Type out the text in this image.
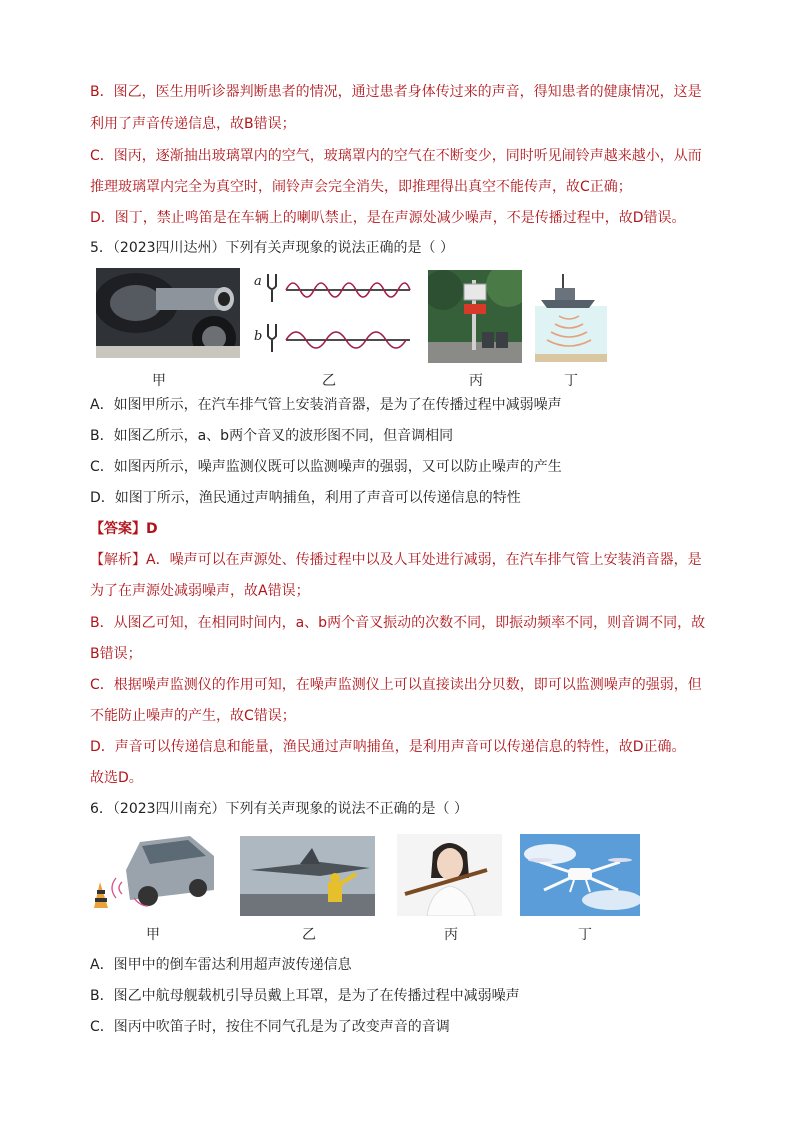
B．图乙，医生用听诊器判断患者的情况，通过患者身体传过来的声音，得知患者的健康情况，这是
利用了声音传递信息，故B错误；
C．图丙，逐渐抽出玻璃罩内的空气，玻璃罩内的空气在不断变少，同时听见闹铃声越来越小，从而
推理玻璃罩内完全为真空时，闹铃声会完全消失，即推理得出真空不能传声，故C正确；
D．图丁，禁止鸣笛是在车辆上的喇叭禁止，是在声源处减少噪声，不是传播过程中，故D错误。
5．（2023四川达州）下列有关声现象的说法正确的是（ ）
a
b
甲	乙	丙	丁
A．如图甲所示，在汽车排气管上安装消音器，是为了在传播过程中减弱噪声
B．如图乙所示，a、b两个音叉的波形图不同，但音调相同
C．如图丙所示，噪声监测仪既可以监测噪声的强弱，又可以防止噪声的产生
D．如图丁所示，渔民通过声呐捕鱼，利用了声音可以传递信息的特性
【答案】D
【解析】A．噪声可以在声源处、传播过程中以及人耳处进行减弱，在汽车排气管上安装消音器，是
为了在声源处减弱噪声，故A错误；
B．从图乙可知，在相同时间内，a、b两个音叉振动的次数不同，即振动频率不同，则音调不同，故
B错误；
C．根据噪声监测仪的作用可知，在噪声监测仪上可以直接读出分贝数，即可以监测噪声的强弱，但
不能防止噪声的产生，故C错误；
D．声音可以传递信息和能量，渔民通过声呐捕鱼，是利用声音可以传递信息的特性，故D正确。
故选D。
6．（2023四川南充）下列有关声现象的说法不正确的是（ ）
甲	乙	丙	丁
A．图甲中的倒车雷达利用超声波传递信息
B．图乙中航母舰载机引导员戴上耳罩，是为了在传播过程中减弱噪声
C．图丙中吹笛子时，按住不同气孔是为了改变声音的音调
